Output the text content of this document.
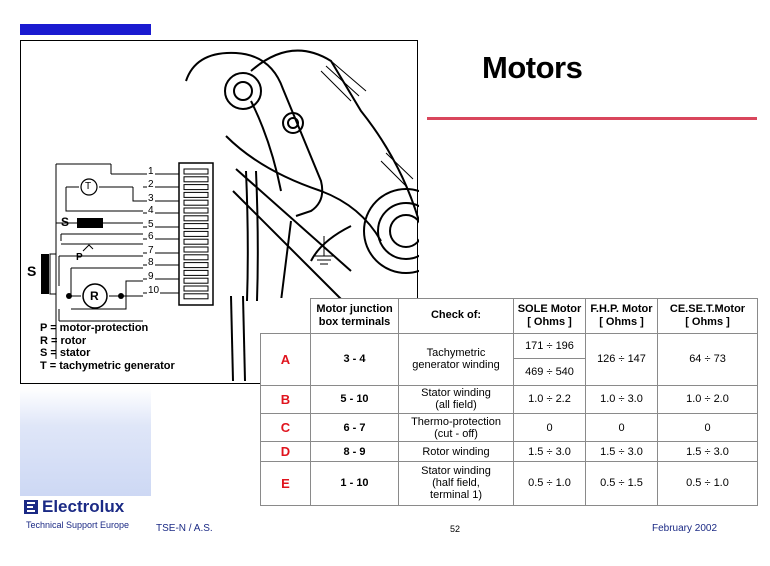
Motors
1
2
3
4
5
6
7
8
9
10
T
S
S
P
R
P = motor-protection
R = rotor
S = stator
T = tachymetric generator
	Motor junction
box terminals	Check of:	SOLE Motor
[ Ohms ]	F.H.P. Motor
[ Ohms ]	CE.SE.T.Motor
[ Ohms ]
A	3 - 4	Tachymetric
generator winding	171 ÷ 196	126 ÷ 147	64 ÷ 73
			469 ÷ 540		
B	5 - 10	Stator winding
(all field)	1.0 ÷ 2.2	1.0 ÷ 3.0	1.0 ÷ 2.0
C	6 - 7	Thermo-protection
(cut - off)	0	0	0
D	8 - 9	Rotor winding	1.5 ÷ 3.0	1.5 ÷ 3.0	1.5 ÷ 3.0
E	1 - 10	Stator winding
(half field,
terminal 1)	0.5 ÷ 1.0	0.5 ÷ 1.5	0.5 ÷ 1.0
Electrolux
Technical Support Europe	TSE-N / A.S.	52	February 2002
